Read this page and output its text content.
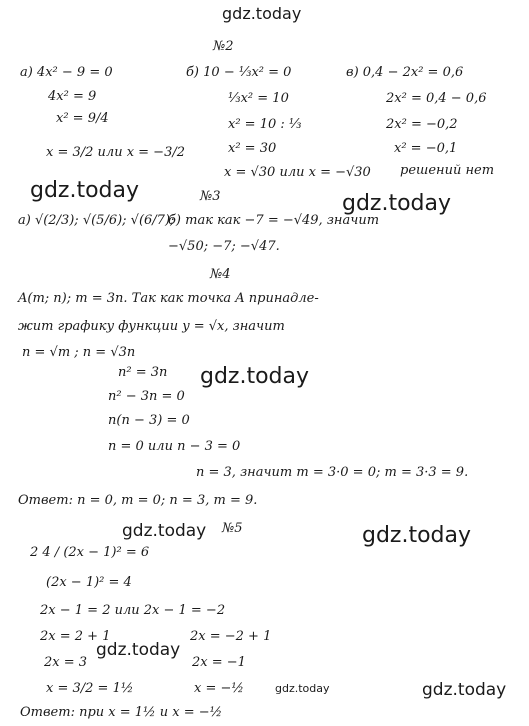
gdz.today
№2
а) 4x² − 9 = 0
4x² = 9
x² = 9/4
x = 3/2 или x = −3/2
б) 10 − ⅓x² = 0
⅓x² = 10
x² = 10 : ⅓
x² = 30
x = √30 или x = −√30
в) 0,4 − 2x² = 0,6
2x² = 0,4 − 0,6
2x² = −0,2
x² = −0,1
решений нет
gdz.today
gdz.today
№3
а) √(2/3); √(5/6); √(6/7);
б) так как −7 = −√49, значит
−√50; −7; −√47.
№4
A(m; n); m = 3n. Так как точка A принадле-
жит графику функции y = √x, значит
n = √m ; n = √3n
n² = 3n
n² − 3n = 0
n(n − 3) = 0
n = 0 или n − 3 = 0
n = 3, значит m = 3·0 = 0; m = 3·3 = 9.
Ответ: n = 0, m = 0; n = 3, m = 9.
gdz.today
gdz.today №5	gdz.today
2 4 / (2x − 1)² = 6
(2x − 1)² = 4
2x − 1 = 2 или 2x − 1 = −2
2x = 2 + 1	2x = −2 + 1
2x = 3	2x = −1
x = 3/2 = 1½	x = −½
Ответ: при x = 1½ и x = −½
gdz.today
gdz.today	gdz.today
